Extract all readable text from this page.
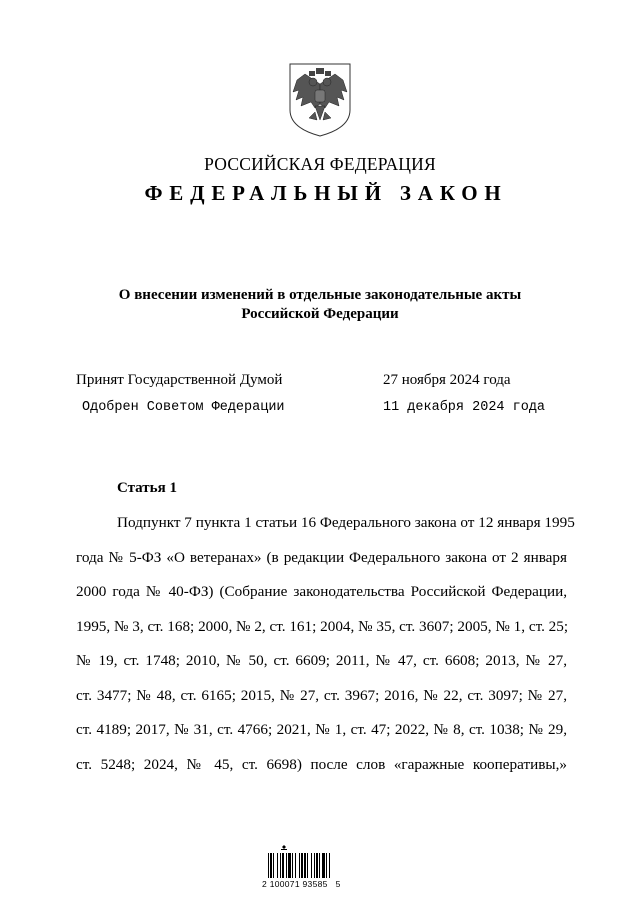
РОССИЙСКАЯ ФЕДЕРАЦИЯ
ФЕДЕРАЛЬНЫЙ ЗАКОН
О внесении изменений в отдельные законодательные акты
Российской Федерации
Принят Государственной Думой	27 ноября 2024 года
Одобрен Советом Федерации	11 декабря 2024 года
Статья 1
Подпункт 7 пункта 1 статьи 16 Федерального закона от 12 января 1995
года № 5-ФЗ «О ветеранах» (в редакции Федерального закона от 2 января
2000 года № 40-ФЗ) (Собрание законодательства Российской Федерации,
1995, № 3, ст. 168; 2000, № 2, ст. 161; 2004, № 35, ст. 3607; 2005, № 1, ст. 25;
№ 19, ст. 1748; 2010, № 50, ст. 6609; 2011, № 47, ст. 6608; 2013, № 27,
ст. 3477; № 48, ст. 6165; 2015, № 27, ст. 3967; 2016, № 22, ст. 3097; № 27,
ст. 4189; 2017, № 31, ст. 4766; 2021, № 1, ст. 47; 2022, № 8, ст. 1038; № 29,
ст. 5248; 2024, № 45, ст. 6698) после слов «гаражные кооперативы,»
2 100071 93585   5
